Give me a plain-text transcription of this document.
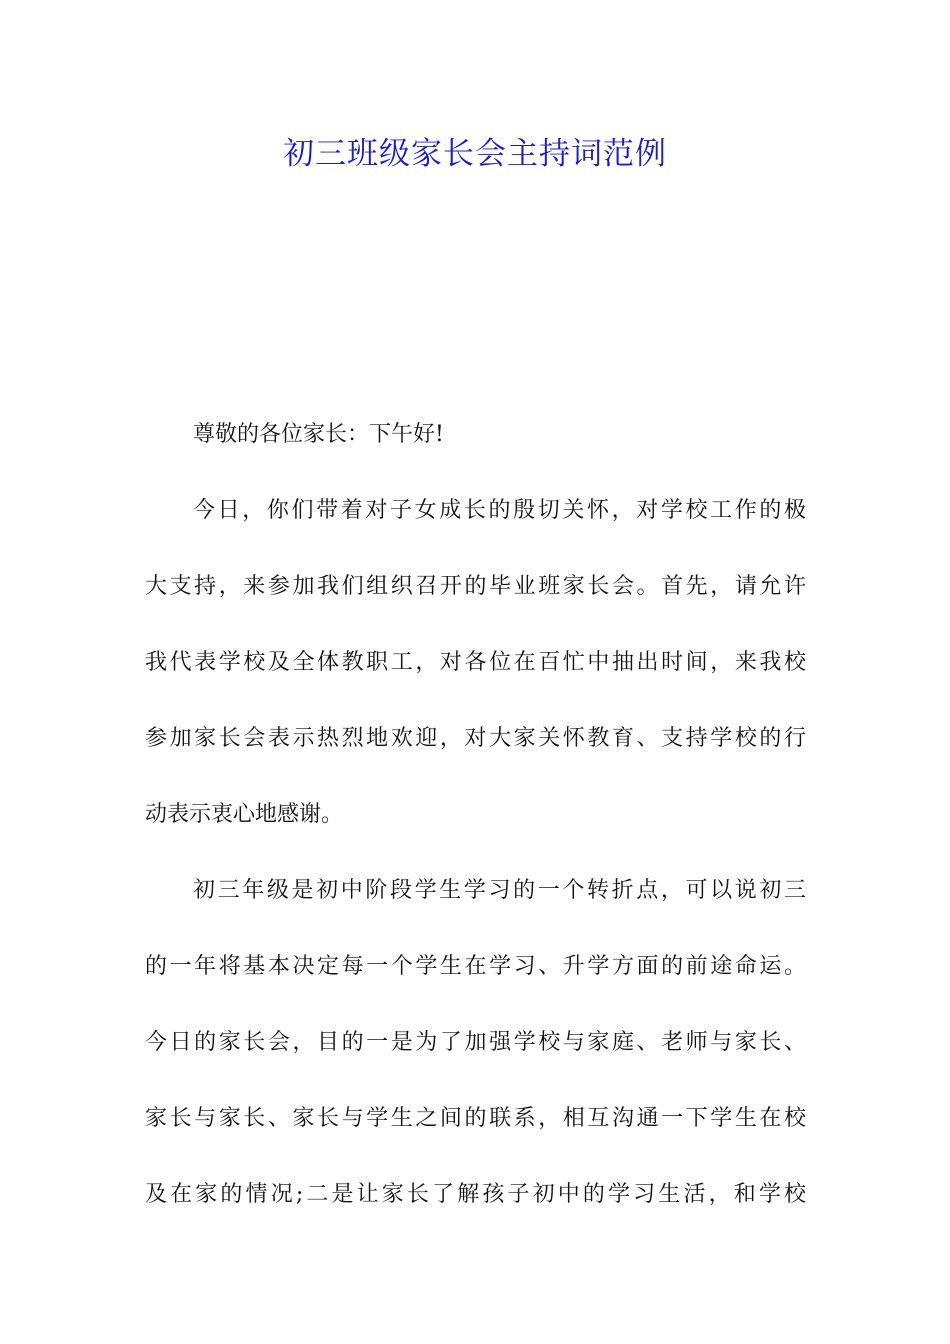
初三班级家长会主持词范例
尊敬的各位家长：下午好!
今日，你们带着对子女成长的殷切关怀，对学校工作的极
大支持，来参加我们组织召开的毕业班家长会。首先，请允许
我代表学校及全体教职工，对各位在百忙中抽出时间，来我校
参加家长会表示热烈地欢迎，对大家关怀教育、支持学校的行
动表示衷心地感谢。
初三年级是初中阶段学生学习的一个转折点，可以说初三
的一年将基本决定每一个学生在学习、升学方面的前途命运。
今日的家长会，目的一是为了加强学校与家庭、老师与家长、
家长与家长、家长与学生之间的联系，相互沟通一下学生在校
及在家的情况;二是让家长了解孩子初中的学习生活，和学校
